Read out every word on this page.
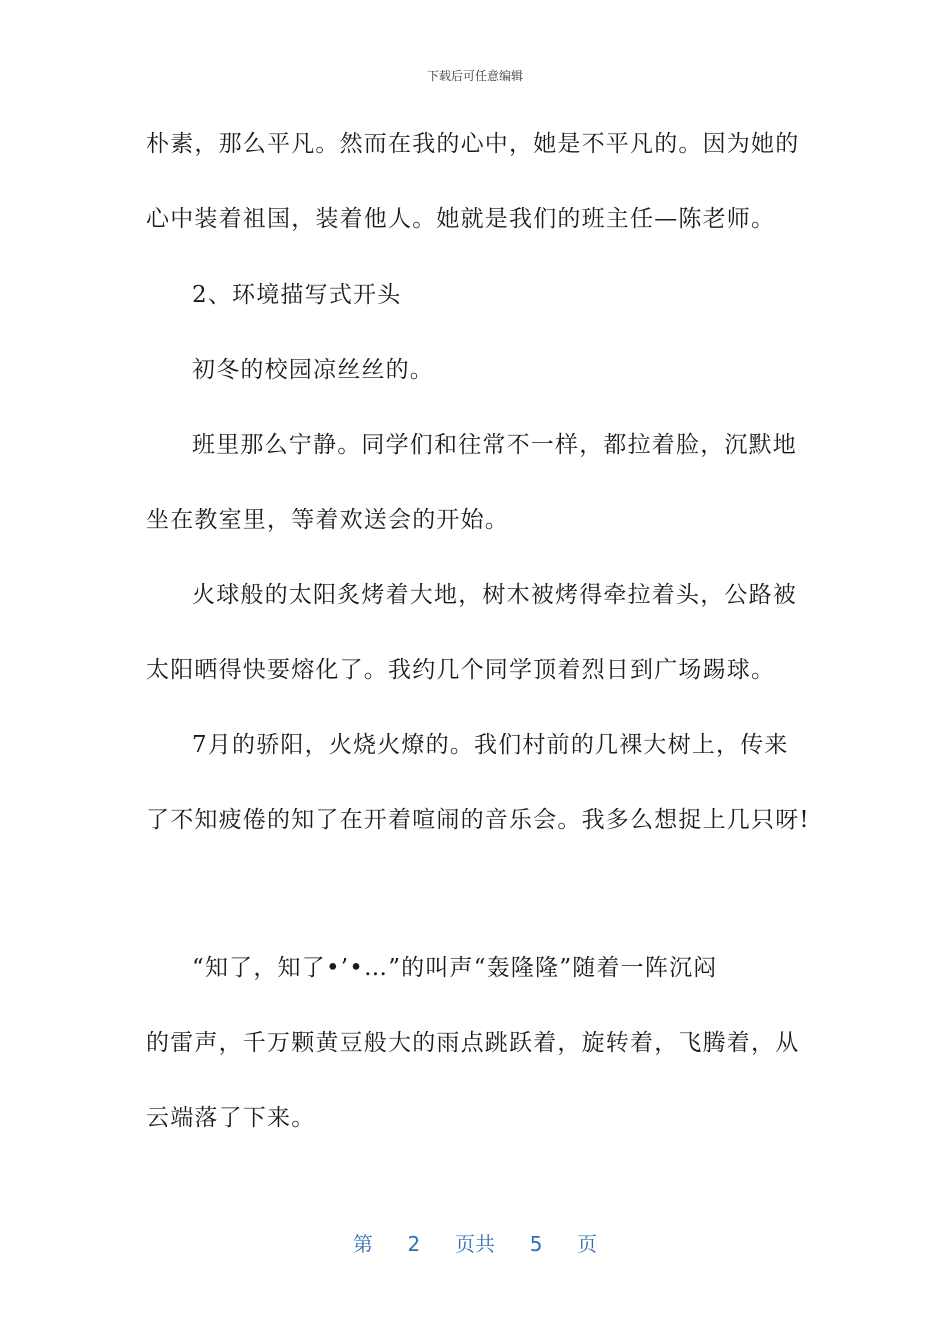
下载后可任意编辑
朴素，那么平凡。然而在我的心中，她是不平凡的。因为她的
心中装着祖国，装着他人。她就是我们的班主任—陈老师。
2、环境描写式开头
初冬的校园凉丝丝的。
班里那么宁静。同学们和往常不一样，都拉着脸，沉默地
坐在教室里，等着欢送会的开始。
火球般的太阳炙烤着大地，树木被烤得牵拉着头，公路被
太阳晒得快要熔化了。我约几个同学顶着烈日到广场踢球。
7月的骄阳，火烧火燎的。我们村前的几裸大树上，传来
了不知疲倦的知了在开着喧闹的音乐会。我多么想捉上几只呀!
“知了，知了•’•…”的叫声“轰隆隆”随着一阵沉闷
的雷声，千万颗黄豆般大的雨点跳跃着，旋转着，飞腾着，从
云端落了下来。
第 2 页共 5 页
